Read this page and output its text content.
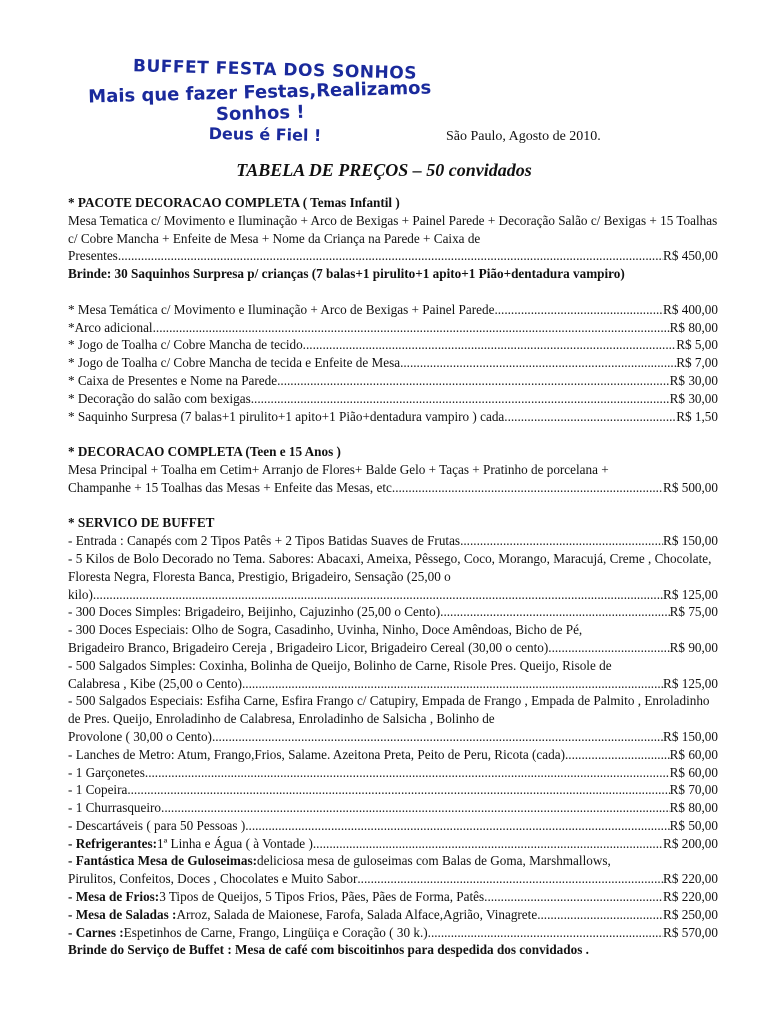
BUFFET FESTA DOS SONHOS
Mais que fazer Festas,Realizamos Sonhos !
Deus é Fiel !	São Paulo, Agosto de 2010.
TABELA DE PREÇOS – 50 convidados
* PACOTE DECORACAO COMPLETA ( Temas Infantil )
Mesa Tematica c/ Movimento e Iluminação + Arco de Bexigas + Painel Parede + Decoração Salão c/ Bexigas + 15 Toalhas c/ Cobre Mancha + Enfeite de Mesa + Nome da Criança na Parede + Caixa de
Presentes .....	R$ 450,00
Brinde: 30 Saquinhos Surpresa p/ crianças (7 balas+1 pirulito+1 apito+1 Pião+dentadura vampiro)
* Mesa Temática c/ Movimento e Iluminação + Arco de Bexigas + Painel Parede .....	R$ 400,00
*Arco adicional .....	R$ 80,00
* Jogo de Toalha c/ Cobre Mancha de tecido .....	R$ 5,00
* Jogo de Toalha c/ Cobre Mancha de tecida e Enfeite de Mesa .....	R$ 7,00
* Caixa de Presentes e Nome na Parede .....	R$ 30,00
* Decoração do salão com bexigas .....	R$ 30,00
* Saquinho Surpresa (7 balas+1 pirulito+1 apito+1 Pião+dentadura vampiro ) cada .....	R$ 1,50
* DECORACAO COMPLETA (Teen e 15 Anos )
Mesa Principal + Toalha em Cetim+ Arranjo de Flores+ Balde Gelo + Taças + Pratinho de porcelana +
Champanhe + 15 Toalhas das Mesas + Enfeite das Mesas, etc. .....	R$ 500,00
* SERVICO DE BUFFET
- Entrada : Canapés com 2 Tipos Patês + 2 Tipos Batidas Suaves de Frutas .....	R$ 150,00
- 5 Kilos de Bolo Decorado no Tema. Sabores: Abacaxi, Ameixa, Pêssego, Coco, Morango, Maracujá, Creme , Chocolate, Floresta Negra, Floresta Banca, Prestigio, Brigadeiro, Sensação (25,00 o
kilo) .....	R$ 125,00
- 300 Doces Simples: Brigadeiro, Beijinho, Cajuzinho (25,00 o Cento) .....	R$ 75,00
- 300 Doces Especiais: Olho de Sogra, Casadinho, Uvinha, Ninho, Doce Amêndoas, Bicho de Pé,
Brigadeiro Branco, Brigadeiro Cereja , Brigadeiro Licor, Brigadeiro Cereal (30,00 o cento) .....	R$ 90,00
- 500 Salgados Simples: Coxinha, Bolinha de Queijo, Bolinho de Carne, Risole Pres. Queijo, Risole de
Calabresa , Kibe (25,00 o Cento) .....	R$ 125,00
- 500 Salgados Especiais: Esfiha Carne, Esfira Frango c/ Catupiry, Empada de Frango , Empada de Palmito , Enroladinho de Pres. Queijo, Enroladinho de Calabresa, Enroladinho de Salsicha , Bolinho de
Provolone ( 30,00 o Cento) .....	R$ 150,00
- Lanches de Metro: Atum, Frango,Frios, Salame. Azeitona Preta, Peito de Peru, Ricota (cada) .....	R$ 60,00
- 1 Garçonetes .....	R$ 60,00
- 1 Copeira .....	R$ 70,00
- 1 Churrasqueiro .....	R$ 80,00
- Descartáveis ( para 50 Pessoas ) .....	R$ 50,00
- Refrigerantes: 1ª Linha e Água ( à Vontade ) .....	R$ 200,00
- Fantástica Mesa de Guloseimas: deliciosa mesa de guloseimas com Balas de Goma, Marshmallows,
Pirulitos, Confeitos, Doces , Chocolates e Muito Sabor .....	R$ 220,00
- Mesa de Frios: 3 Tipos de Queijos, 5 Tipos Frios, Pães, Pães de Forma, Patês .....	R$ 220,00
- Mesa de Saladas : Arroz, Salada de Maionese, Farofa, Salada Alface,Agrião, Vinagrete .....	R$ 250,00
- Carnes : Espetinhos de Carne, Frango, Lingüiça e Coração ( 30 k.) .....	R$ 570,00
Brinde do Serviço de Buffet : Mesa de café com biscoitinhos para despedida dos convidados .
